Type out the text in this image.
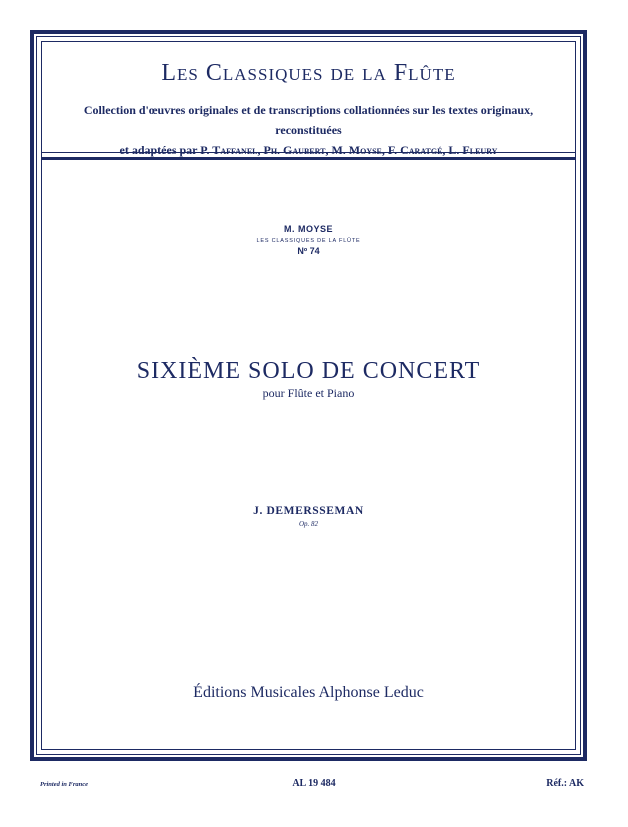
Les Classiques de la Flûte
Collection d'œuvres originales et de transcriptions collationnées sur les textes originaux, reconstituées
et adaptées par P. Taffanel, Ph. Gaubert, M. Moyse, F. Caratgé, L. Fleury
M. MOYSE
LES CLASSIQUES DE LA FLÛTE
Nº 74
SIXIÈME SOLO DE CONCERT
pour Flûte et Piano
J. DEMERSSEMAN
Op. 82
Éditions Musicales Alphonse Leduc
Printed in France	AL 19 484	Réf.: AK
